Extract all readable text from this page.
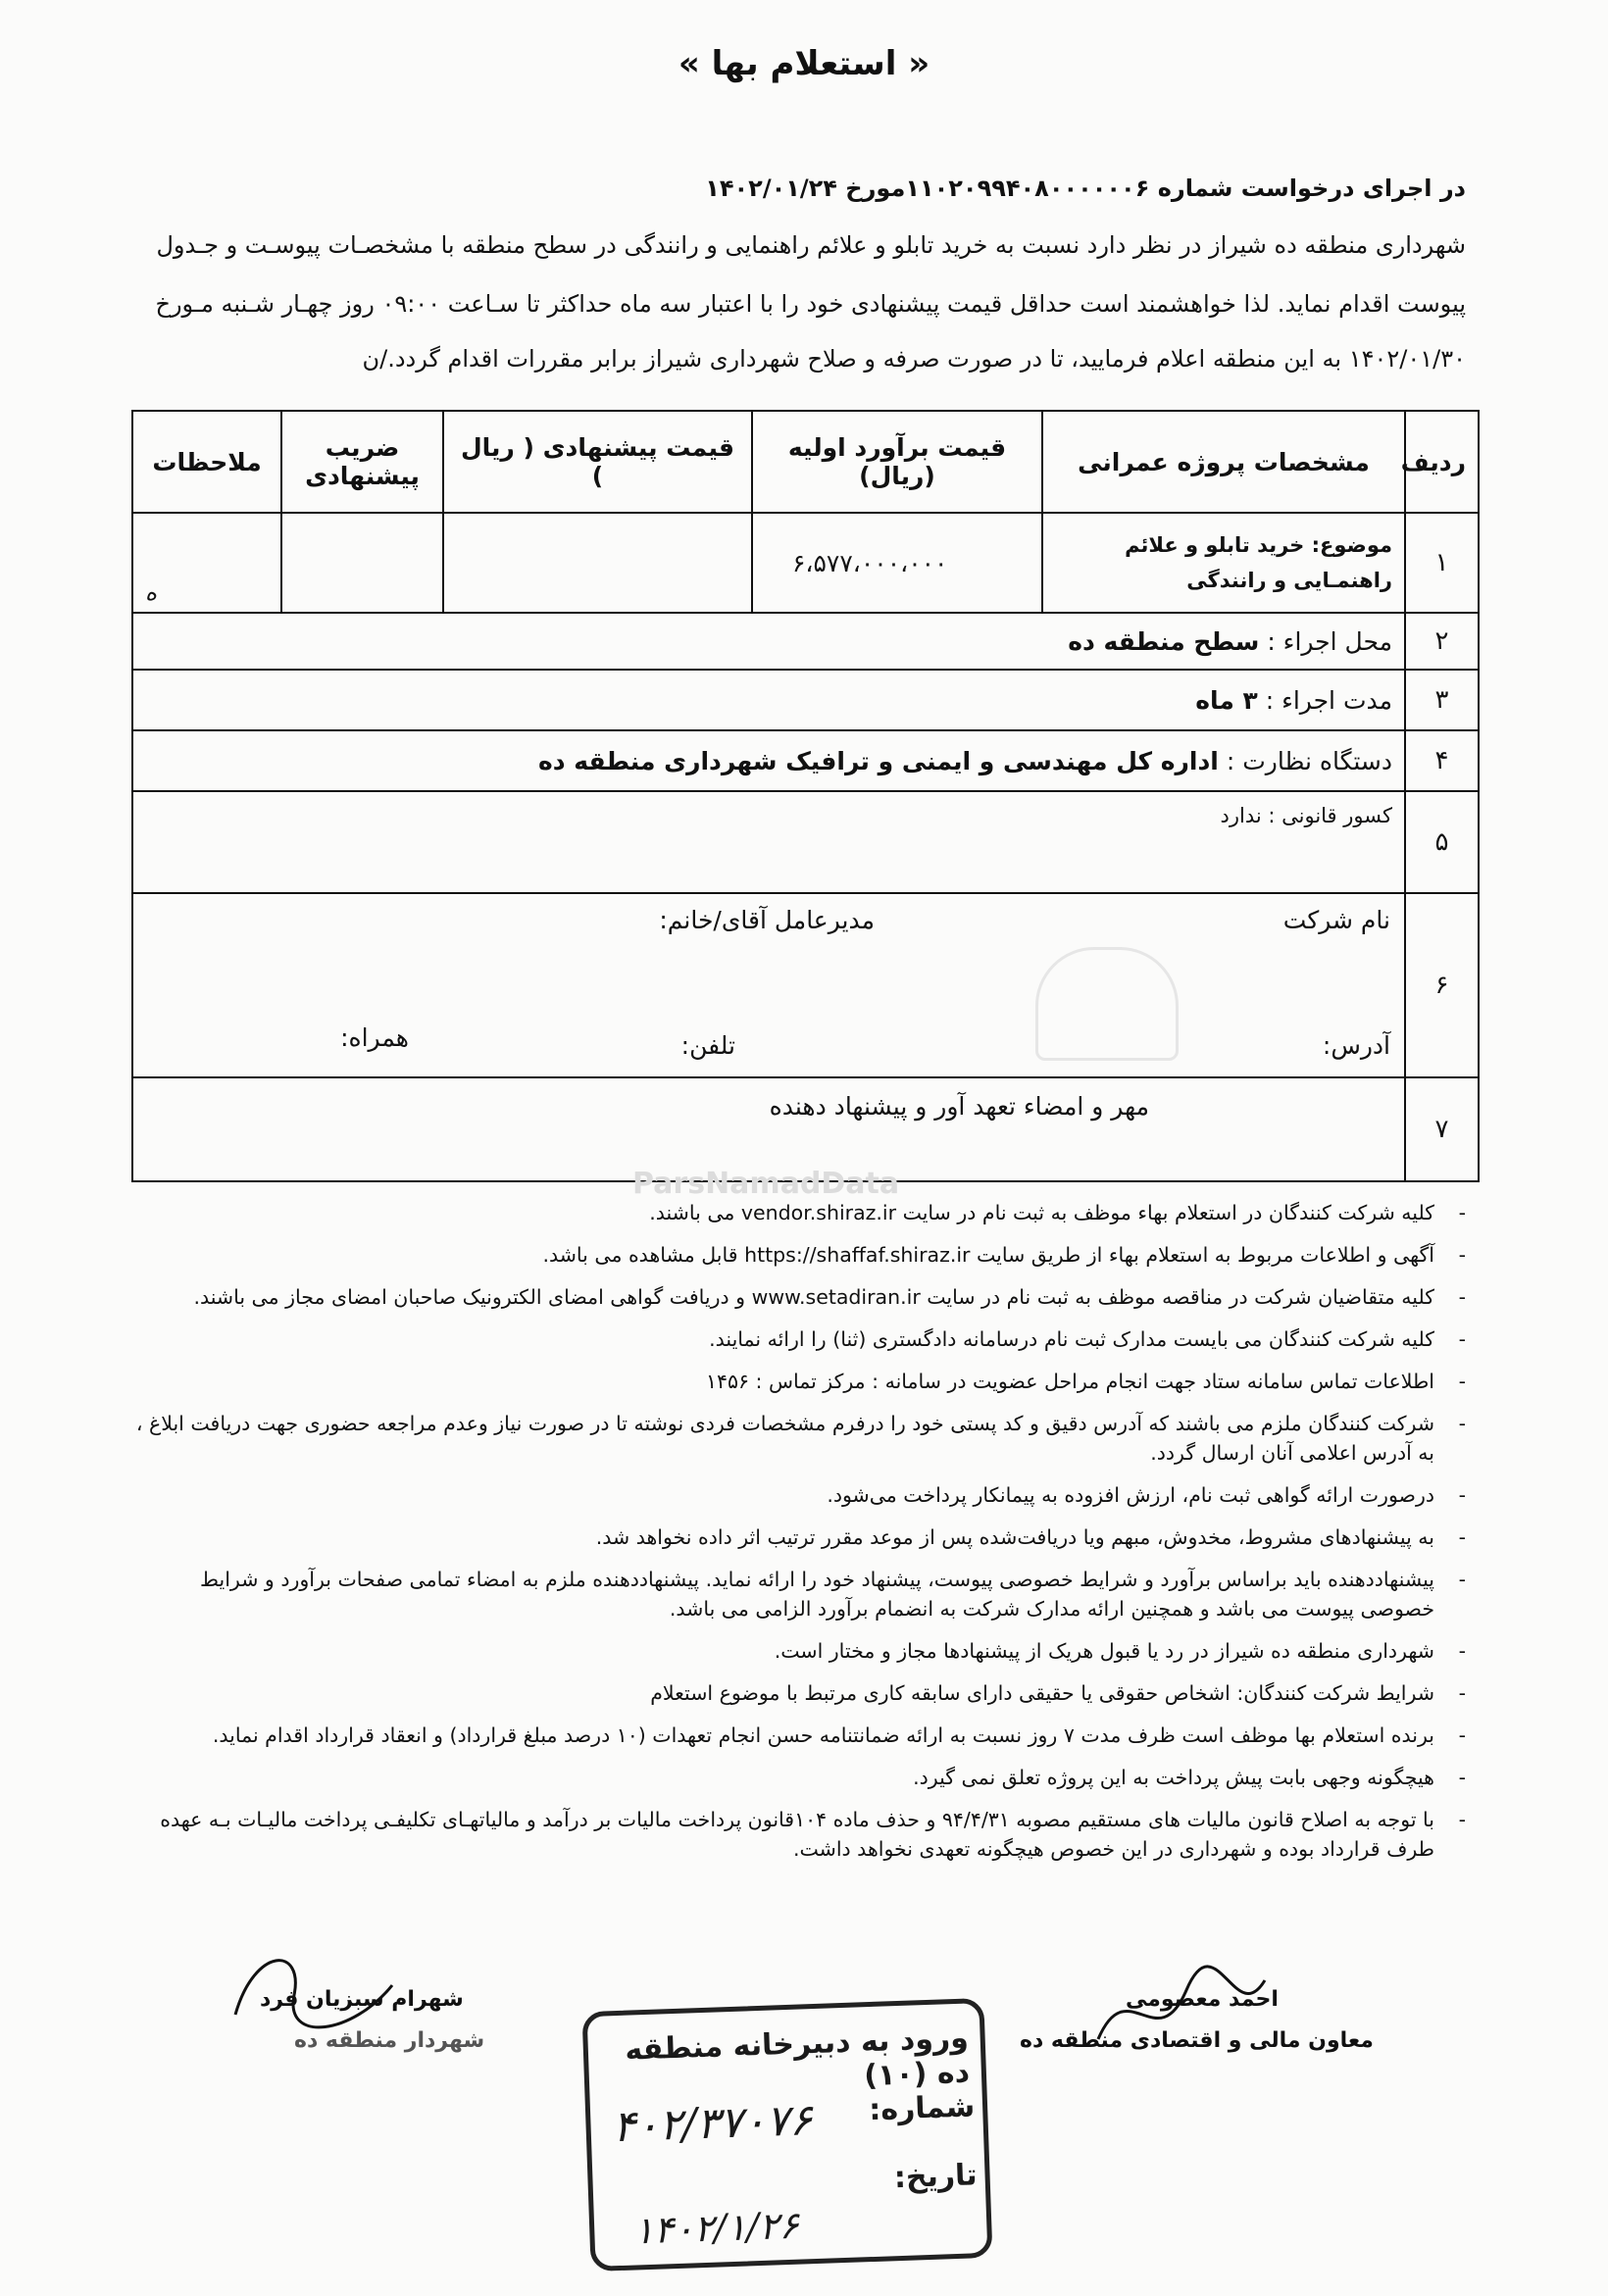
« استعلام بها »
در اجرای درخواست شماره ۱۱۰۲۰۹۹۴۰۸۰۰۰۰۰۰۶مورخ ۱۴۰۲/۰۱/۲۴
شهرداری منطقه ده شیراز در نظر دارد نسبت به خرید تابلو و علائم راهنمایی و رانندگی در سطح منطقه با مشخصـات پیوسـت و جـدول
پیوست اقدام نماید. لذا خواهشمند است حداقل قیمت پیشنهادی خود را با اعتبار سه ماه حداکثر تا سـاعت ۰۹:۰۰ روز چهـار شـنبه مـورخ
۱۴۰۲/۰۱/۳۰ به این منطقه اعلام فرمایید، تا در صورت صرفه و صلاح شهرداری شیراز برابر مقررات اقدام گردد./ن
ردیف	مشخصات پروژه عمرانی	قیمت برآورد اولیه (ریال)	قیمت پیشنهادی ( ریال )	ضریب پیشنهادی	ملاحظات
۱	موضوع: خرید تابلو و علائم راهنمـایی و رانندگی	۶،۵۷۷،۰۰۰،۰۰۰			ه
۲	محل اجراء : سطح منطقه ده				
۳	مدت اجراء : ۳ ماه				
۴	دستگاه نظارت : اداره کل مهندسی و ایمنی و ترافیک شهرداری منطقه ده				
۵	کسور قانونی : ندارد				
۶	نام شرکت
مدیرعامل آقای/خانم:
آدرس:
تلفن:
همراه:				

۷	مهر و امضاء تعهد آور و پیشنهاد دهنده				
ParsNamadData
- کلیه شرکت کنندگان در استعلام بهاء موظف به ثبت نام در سایت vendor.shiraz.ir می باشند.
- آگهی و اطلاعات مربوط به استعلام بهاء از طریق سایت https://shaffaf.shiraz.ir قابل مشاهده می باشد.
- کلیه متقاضیان شرکت در مناقصه موظف به ثبت نام در سایت www.setadiran.ir و دریافت گواهی امضای الکترونیک صاحبان امضای مجاز می باشند.
- کلیه شرکت کنندگان می بایست مدارک ثبت نام درسامانه دادگستری (ثنا) را ارائه نمایند.
- اطلاعات تماس سامانه ستاد جهت انجام مراحل عضویت در سامانه : مرکز تماس : ۱۴۵۶
- شرکت کنندگان ملزم می باشند که آدرس دقیق و کد پستی خود را درفرم مشخصات فردی نوشته تا در صورت نیاز وعدم مراجعه حضوری جهت دریافت ابلاغ ، به آدرس اعلامی آنان ارسال گردد.
- درصورت ارائه گواهی ثبت نام، ارزش افزوده به پیمانکار پرداخت می‌شود.
- به پیشنهادهای مشروط، مخدوش، مبهم ویا دریافت‌شده پس از موعد مقرر ترتیب اثر داده نخواهد شد.
- پیشنهاددهنده باید براساس برآورد و شرایط خصوصی پیوست، پیشنهاد خود را ارائه نماید. پیشنهاددهنده ملزم به امضاء تمامی صفحات برآورد و شرایط خصوصی پیوست می باشد و همچنین ارائه مدارک شرکت به انضمام برآورد الزامی می باشد.
- شهرداری منطقه ده شیراز در رد یا قبول هریک از پیشنهادها مجاز و مختار است.
- شرایط شرکت کنندگان: اشخاص حقوقی یا حقیقی دارای سابقه کاری مرتبط با موضوع استعلام
- برنده استعلام بها موظف است ظرف مدت ۷ روز نسبت به ارائه ضمانتنامه حسن انجام تعهدات (۱۰ درصد مبلغ قرارداد) و انعقاد قرارداد اقدام نماید.
- هیچگونه وجهی بابت پیش پرداخت به این پروژه تعلق نمی گیرد.
- با توجه به اصلاح قانون مالیات های مستقیم مصوبه ۹۴/۴/۳۱ و حذف ماده ۱۰۴قانون پرداخت مالیات بر درآمد و مالیاتهـای تکلیفـی پرداخت مالیـات بـه عهده طرف قرارداد بوده و شهرداری در این خصوص هیچگونه تعهدی نخواهد داشت.
احمد معصومی
معاون مالی و اقتصادی منطقه ده
شهرام سبزیان فرد
شهردار منطقه ده	ورود به دبیرخانه منطقه ده (۱۰)
شماره:
۴۰۲/۳۷۰۷۶
تاریخ:
۱۴۰۲/۱/۲۶
